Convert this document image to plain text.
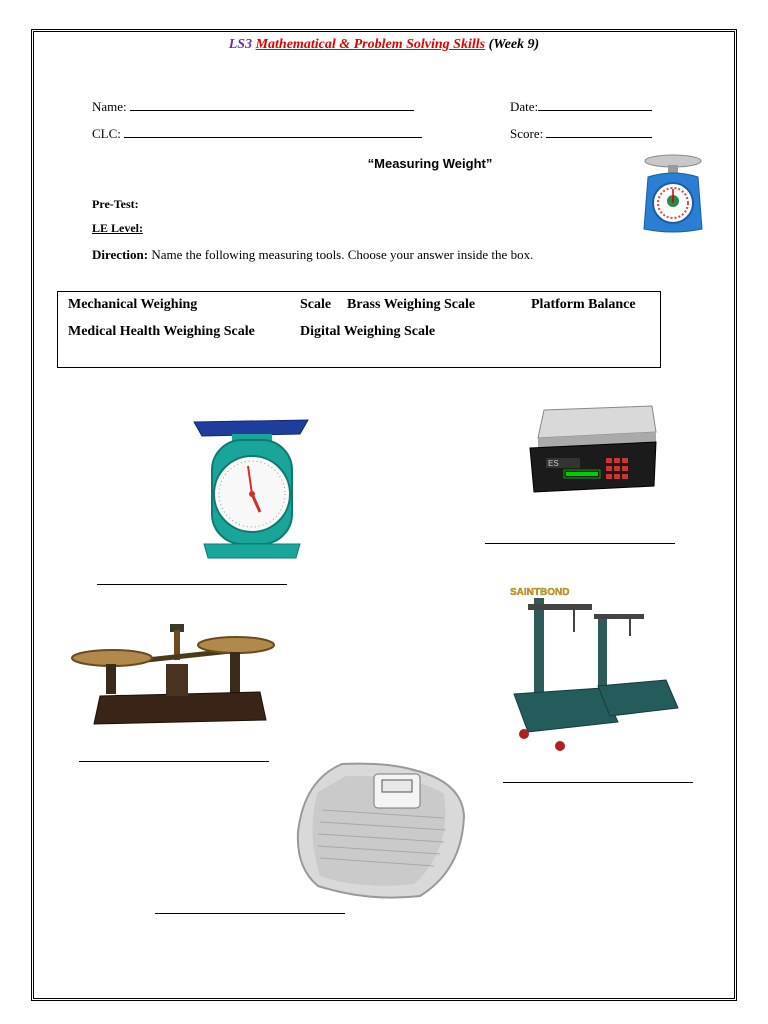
LS3 Mathematical & Problem Solving Skills (Week 9)
Name:	Date:
CLC:	Score:
“Measuring Weight”
Pre-Test:
LE Level:
Direction: Name the following measuring tools. Choose your answer inside the box.
Mechanical Weighing	Scale Brass Weighing Scale	Platform Balance
Medical Health Weighing Scale	Digital Weighing Scale
ES
SAINTBOND
